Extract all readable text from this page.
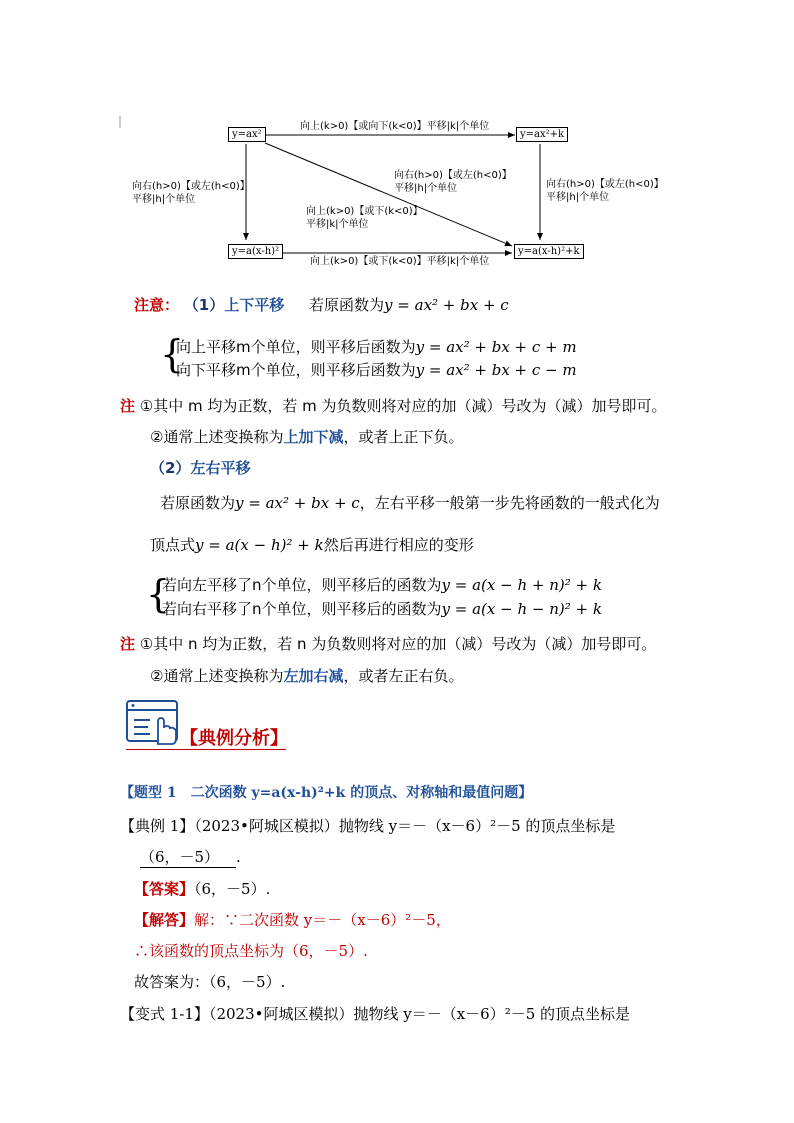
y=ax²	y=ax²+k
y=a(x-h)²	y=a(x-h)²+k
向上(k>0)【或向下(k<0)】平移|k|个单位
向右(h>0)【或左(h<0)】
平移|h|个单位
向右(h>0)【或左(h<0)】
平移|h|个单位
向右(h>0)【或左(h<0)】
平移|h|个单位
向上(k>0)【或下(k<0)】
平移|k|个单位
向上(k>0)【或下(k<0)】平移|k|个单位
注意： （1）上下平移 若原函数为y = ax² + bx + c
{
向上平移m个单位，则平移后函数为y = ax² + bx + c + m
向下平移m个单位，则平移后函数为y = ax² + bx + c − m
注 ①其中 m 均为正数，若 m 为负数则将对应的加（减）号改为（减）加号即可。
②通常上述变换称为上加下减，或者上正下负。
（2）左右平移
若原函数为y = ax² + bx + c，左右平移一般第一步先将函数的一般式化为
顶点式y = a(x − h)² + k然后再进行相应的变形
{
若向左平移了n个单位，则平移后的函数为y = a(x − h + n)² + k
若向右平移了n个单位，则平移后的函数为y = a(x − h − n)² + k
注 ①其中 n 均为正数，若 n 为负数则将对应的加（减）号改为（减）加号即可。
②通常上述变换称为左加右减，或者左正右负。
【典例分析】
【题型 1　二次函数 y=a(x-h)²+k 的顶点、对称轴和最值问题】
【典例 1】（2023•阿城区模拟）抛物线 y＝－（x－6）²－5 的顶点坐标是
（6，－5） .
【答案】（6，－5）.
【解答】解：∵二次函数 y＝－（x－6）²－5，
∴该函数的顶点坐标为（6，－5）.
故答案为：（6，－5）.
【变式 1-1】（2023•阿城区模拟）抛物线 y＝－（x－6）²－5 的顶点坐标是
